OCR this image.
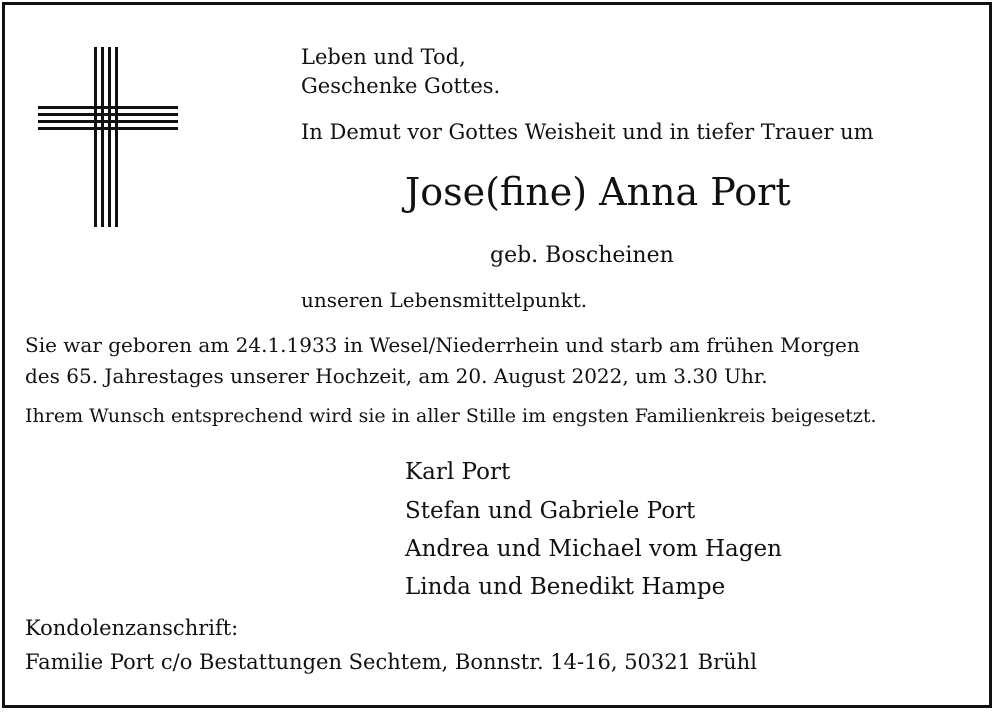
Leben und Tod,
Geschenke Gottes.
In Demut vor Gottes Weisheit und in tiefer Trauer um
Jose(fine) Anna Port
geb. Boscheinen
unseren Lebensmittelpunkt.
Sie war geboren am 24.1.1933 in Wesel/Niederrhein und starb am frühen Morgen
des 65. Jahrestages unserer Hochzeit, am 20. August 2022, um 3.30 Uhr.
Ihrem Wunsch entsprechend wird sie in aller Stille im engsten Familienkreis beigesetzt.
Karl Port
Stefan und Gabriele Port
Andrea und Michael vom Hagen
Linda und Benedikt Hampe
Kondolenzanschrift:
Familie Port c/o Bestattungen Sechtem, Bonnstr. 14-16, 50321 Brühl
